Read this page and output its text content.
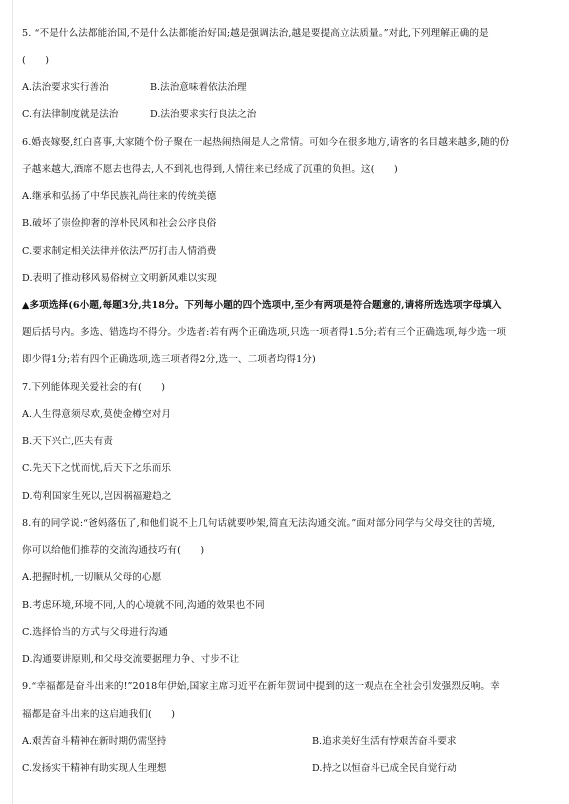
5. “不是什么法都能治国,不是什么法都能治好国;越是强调法治,越是要提高立法质量。”对此,下列理解正确的是
(　　)
A.法治要求实行善治	B.法治意味着依法治理
C.有法律制度就是法治	D.法治要求实行良法之治
6.婚丧嫁娶,红白喜事,大家随个份子聚在一起热闹热闹是人之常情。可如今在很多地方,请客的名目越来越多,随的份
子越来越大,酒席不愿去也得去,人不到礼也得到,人情往来已经成了沉重的负担。这(　　)
A.继承和弘扬了中华民族礼尚往来的传统美德
B.破坏了崇俭抑奢的淳朴民风和社会公序良俗
C.要求制定相关法律并依法严厉打击人情消费
D.表明了推动移风易俗树立文明新风难以实现
▲多项选择(6小题,每题3分,共18分。下列每小题的四个选项中,至少有两项是符合题意的,请将所选选项字母填入
题后括号内。多选、错选均不得分。少选者:若有两个正确选项,只选一项者得1.5分;若有三个正确选项,每少选一项
即少得1分;若有四个正确选项,选三项者得2分,选一、二项者均得1分)
7.下列能体现关爱社会的有(　　)
A.人生得意须尽欢,莫使金樽空对月
B.天下兴亡,匹夫有责
C.先天下之忧而忧,后天下之乐而乐
D.苟利国家生死以,岂因祸福避趋之
8.有的同学说:“爸妈落伍了,和他们说不上几句话就要吵架,简直无法沟通交流。”面对部分同学与父母交往的苦境,
你可以给他们推荐的交流沟通技巧有(　　)
A.把握时机,一切顺从父母的心愿
B.考虑环境,环境不同,人的心境就不同,沟通的效果也不同
C.选择恰当的方式与父母进行沟通
D.沟通要讲原则,和父母交流要据理力争、寸步不让
9.“幸福都是奋斗出来的!”2018年伊始,国家主席习近平在新年贺词中提到的这一观点在全社会引发强烈反响。幸
福都是奋斗出来的这启迪我们(　　)
A.艰苦奋斗精神在新时期仍需坚持	B.追求美好生活有悖艰苦奋斗要求
C.发扬实干精神有助实现人生理想	D.持之以恒奋斗已成全民自觉行动
